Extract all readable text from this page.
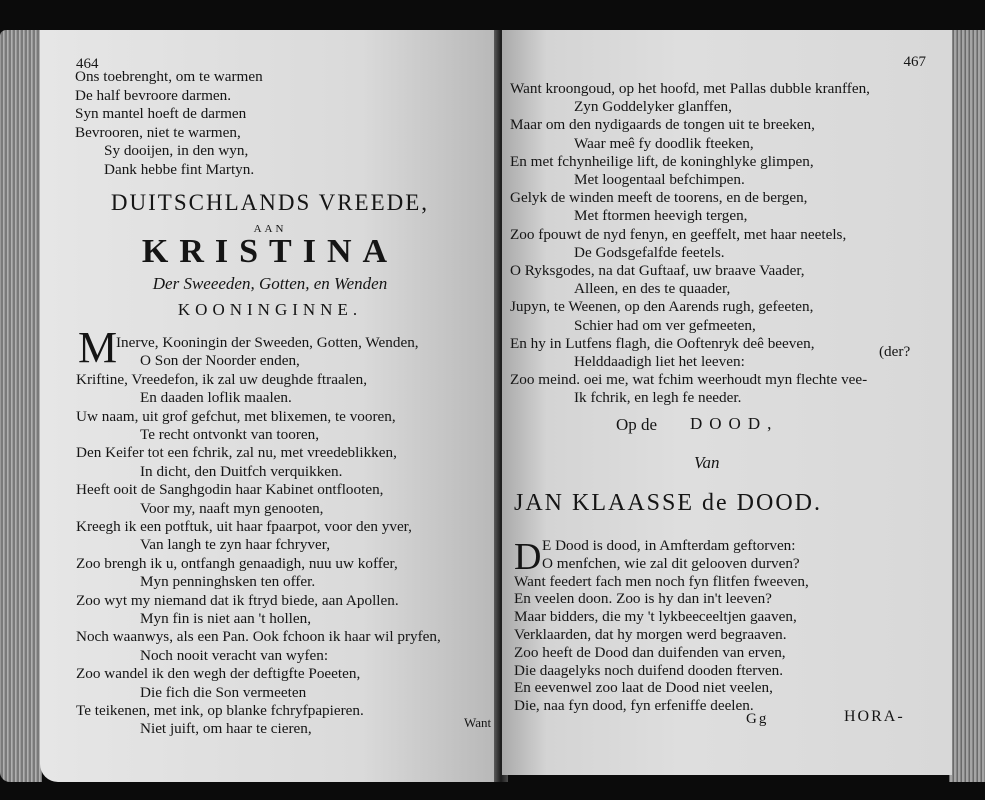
464
Ons toebrenght, om te warmen
De half bevroore darmen.
Syn mantel hoeft de darmen
Bevrooren, niet te warmen,
Sy dooijen, in den wyn,
Dank hebbe fint Martyn.
DUITSCHLANDS VREEDE,
AAN
KRISTINA
Der Sweeeden, Gotten, en Wenden
KOONINGINNE.
M
Inerve, Kooningin der Sweeden, Gotten, Wenden,
O Son der Noorder enden,
Kriftine, Vreedefon, ik zal uw deughde ftraalen,
En daaden loflik maalen.
Uw naam, uit grof gefchut, met blixemen, te vooren,
Te recht ontvonkt van tooren,
Den Keifer tot een fchrik, zal nu, met vreedeblikken,
In dicht, den Duitfch verquikken.
Heeft ooit de Sanghgodin haar Kabinet ontflooten,
Voor my, naaft myn genooten,
Kreegh ik een potftuk, uit haar fpaarpot, voor den yver,
Van langh te zyn haar fchryver,
Zoo brengh ik u, ontfangh genaadigh, nuu uw koffer,
Myn penninghsken ten offer.
Zoo wyt my niemand dat ik ftryd biede, aan Apollen.
Myn fin is niet aan 't hollen,
Noch waanwys, als een Pan. Ook fchoon ik haar wil pryfen,
Noch nooit veracht van wyfen:
Zoo wandel ik den wegh der deftigfte Poeeten,
Die fich die Son vermeeten
Te teikenen, met ink, op blanke fchryfpapieren.
Niet juift, om haar te cieren,	Want
467
Want kroongoud, op het hoofd, met Pallas dubble kranffen,
Zyn Goddelyker glanffen,
Maar om den nydigaards de tongen uit te breeken,
Waar meê fy doodlik fteeken,
En met fchynheilige lift, de koninghlyke glimpen,
Met loogentaal befchimpen.
Gelyk de winden meeft de toorens, en de bergen,
Met ftormen heevigh tergen,
Zoo fpouwt de nyd fenyn, en geeffelt, met haar neetels,
De Godsgefalfde feetels.
O Ryksgodes, na dat Guftaaf, uw braave Vaader,
Alleen, en des te quaader,
Jupyn, te Weenen, op den Aarends rugh, gefeeten,
Schier had om ver gefmeeten,
En hy in Lutfens flagh, die Ooftenryk deê beeven,
Helddaadigh liet het leeven:
Zoo meind. oei me, wat fchim weerhoudt myn flechte vee-
Ik fchrik, en legh fe needer.
(der?
Op de DOOD,
Van
JAN KLAASSE de DOOD.
D E Dood is dood, in Amfterdam geftorven:
O menfchen, wie zal dit gelooven durven?
Want feedert fach men noch fyn flitfen fweeven,
En veelen doon. Zoo is hy dan in't leeven?
Maar bidders, die my 't lykbeeceeltjen gaaven,
Verklaarden, dat hy morgen werd begraaven.
Zoo heeft de Dood dan duifenden van erven,
Die daagelyks noch duifend dooden fterven.
En eevenwel zoo laat de Dood niet veelen,
Die, naa fyn dood, fyn erfeniffe deelen.
Gg	HORA-
